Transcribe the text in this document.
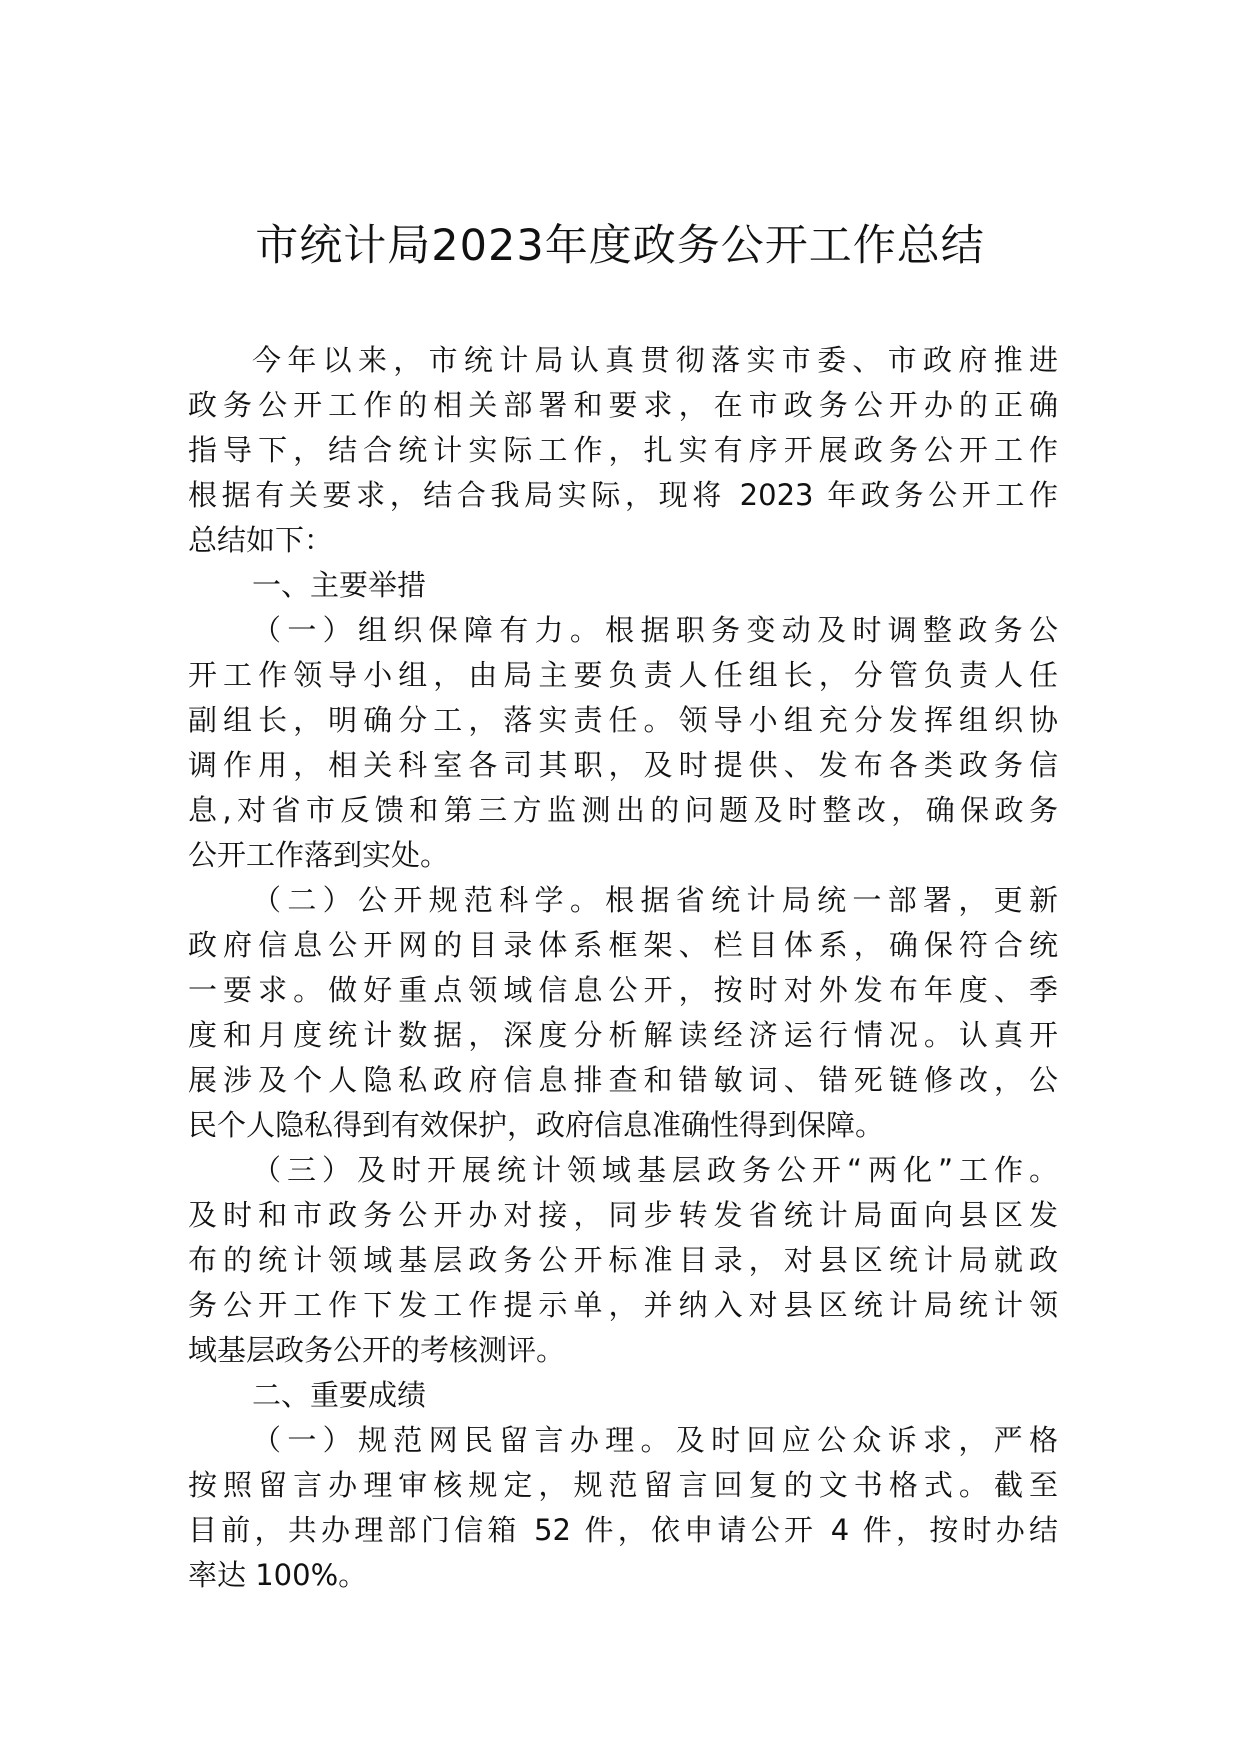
市统计局2023年度政务公开工作总结

今年以来，市统计局认真贯彻落实市委、市政府推进
政务公开工作的相关部署和要求，在市政务公开办的正确
指导下，结合统计实际工作，扎实有序开展政务公开工作
根据有关要求，结合我局实际，现将 2023 年政务公开工作
总结如下：

一、主要举措

（一）组织保障有力。根据职务变动及时调整政务公
开工作领导小组，由局主要负责人任组长，分管负责人任
副组长，明确分工，落实责任。领导小组充分发挥组织协
调作用，相关科室各司其职，及时提供、发布各类政务信
息,对省市反馈和第三方监测出的问题及时整改，确保政务
公开工作落到实处。

（二）公开规范科学。根据省统计局统一部署，更新
政府信息公开网的目录体系框架、栏目体系，确保符合统
一要求。做好重点领域信息公开，按时对外发布年度、季
度和月度统计数据，深度分析解读经济运行情况。认真开
展涉及个人隐私政府信息排查和错敏词、错死链修改，公
民个人隐私得到有效保护，政府信息准确性得到保障。

（三）及时开展统计领域基层政务公开“两化”工作。
及时和市政务公开办对接，同步转发省统计局面向县区发
布的统计领域基层政务公开标准目录，对县区统计局就政
务公开工作下发工作提示单，并纳入对县区统计局统计领
域基层政务公开的考核测评。

二、重要成绩

（一）规范网民留言办理。及时回应公众诉求，严格
按照留言办理审核规定，规范留言回复的文书格式。截至
目前，共办理部门信箱 52 件，依申请公开 4 件，按时办结
率达 100%。
